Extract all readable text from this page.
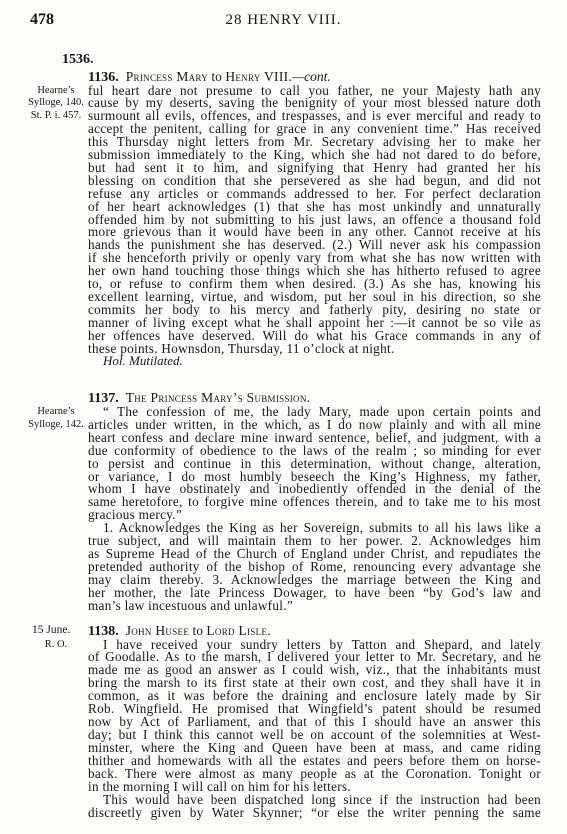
478	28 HENRY VIII.
1536.
1136. Princess Mary to Henry VIII.—cont.
Hearne’s
Sylloge, 140.
St. P. i. 457.
ful heart dare not presume to call you father, ne your Majesty hath any
cause by my deserts, saving the benignity of your most blessed nature doth
surmount all evils, offences, and trespasses, and is ever merciful and ready to
accept the penitent, calling for grace in any convenient time.” Has received
this Thursday night letters from Mr. Secretary advising her to make her
submission immediately to the King, which she had not dared to do before,
but had sent it to him, and signifying that Henry had granted her his
blessing on condition that she persevered as she had begun, and did not
refuse any articles or commands addressed to her. For perfect declaration
of her heart acknowledges (1) that she has most unkindly and unnaturally
offended him by not submitting to his just laws, an offence a thousand fold
more grievous than it would have been in any other. Cannot receive at his
hands the punishment she has deserved. (2.) Will never ask his compassion
if she henceforth privily or openly vary from what she has now written with
her own hand touching those things which she has hitherto refused to agree
to, or refuse to confirm them when desired. (3.) As she has, knowing his
excellent learning, virtue, and wisdom, put her soul in his direction, so she
commits her body to his mercy and fatherly pity, desiring no state or
manner of living except what he shall appoint her :—it cannot be so vile as
her offences have deserved. Will do what his Grace commands in any of
these points. Hownsdon, Thursday, 11 o’clock at night.
Hol. Mutilated.
1137. The Princess Mary’s Submission.
Hearne’s
Sylloge, 142.
“ The confession of me, the lady Mary, made upon certain points and
articles under written, in the which, as I do now plainly and with all mine
heart confess and declare mine inward sentence, belief, and judgment, with a
due conformity of obedience to the laws of the realm ; so minding for ever
to persist and continue in this determination, without change, alteration,
or variance, I do most humbly beseech the King’s Highness, my father,
whom I have obstinately and inobediently offended in the denial of the
same heretofore, to forgive mine offences therein, and to take me to his most
gracious mercy.”
1. Acknowledges the King as her Sovereign, submits to all his laws like a
true subject, and will maintain them to her power. 2. Acknowledges him
as Supreme Head of the Church of England under Christ, and repudiates the
pretended authority of the bishop of Rome, renouncing every advantage she
may claim thereby. 3. Acknowledges the marriage between the King and
her mother, the late Princess Dowager, to have been “by God’s law and
man’s law incestuous and unlawful.”
1138. John Husee to Lord Lisle.
15 June.
R. O.	I have received your sundry letters by Tatton and Shepard, and lately
of Goodalle. As to the marsh, I delivered your letter to Mr. Secretary, and he
made me as good an answer as I could wish, viz., that the inhabitants must
bring the marsh to its first state at their own cost, and they shall have it in
common, as it was before the draining and enclosure lately made by Sir
Rob. Wingfield. He promised that Wingfield’s patent should be resumed
now by Act of Parliament, and that of this I should have an answer this
day; but I think this cannot well be on account of the solemnities at West-
minster, where the King and Queen have been at mass, and came riding
thither and homewards with all the estates and peers before them on horse-
back. There were almost as many people as at the Coronation. Tonight or
in the morning I will call on him for his letters.
This would have been dispatched long since if the instruction had been
discreetly given by Water Skynner; “or else the writer penning the same
